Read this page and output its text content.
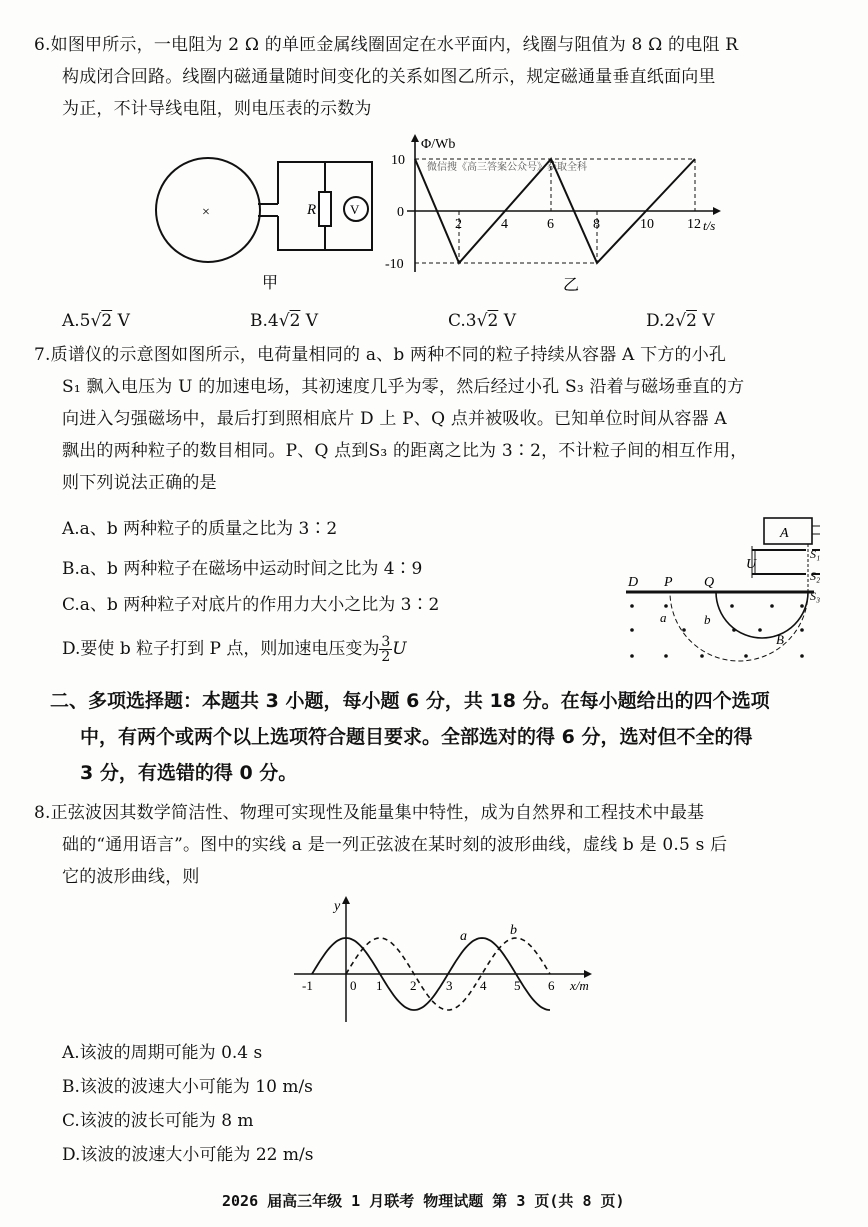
6.如图甲所示，一电阻为 2 Ω 的单匝金属线圈固定在水平面内，线圈与阻值为 8 Ω 的电阻 R
构成闭合回路。线圈内磁通量随时间变化的关系如图乙所示，规定磁通量垂直纸面向里
为正，不计导线电阻，则电压表的示数为
×	R	V
甲
Φ/Wb
t/s
微信搜《高三答案公众号》获取全科
10
0
-10
2	4	6	8	10 12
乙
A.5√2 V	B.4√2 V	C.3√2 V	D.2√2 V
7.质谱仪的示意图如图所示，电荷量相同的 a、b 两种不同的粒子持续从容器 A 下方的小孔
S₁ 飘入电压为 U 的加速电场，其初速度几乎为零，然后经过小孔 S₃ 沿着与磁场垂直的方
向进入匀强磁场中，最后打到照相底片 D 上 P、Q 点并被吸收。已知单位时间从容器 A
飘出的两种粒子的数目相同。P、Q 点到S₃ 的距离之比为 3∶2，不计粒子间的相互作用，
则下列说法正确的是
A.a、b 两种粒子的质量之比为 3∶2
B.a、b 两种粒子在磁场中运动时间之比为 4∶9
C.a、b 两种粒子对底片的作用力大小之比为 3∶2
D.要使 b 粒子打到 P 点，则加速电压变为 $\frac{3}{2}$ U
A
U
S₁
S₂
S₃
D P Q
a	b
B
二、多项选择题：本题共 3 小题，每小题 6 分，共 18 分。在每小题给出的四个选项
中，有两个或两个以上选项符合题目要求。全部选对的得 6 分，选对但不全的得
3 分，有选错的得 0 分。
8.正弦波因其数学简洁性、物理可实现性及能量集中特性，成为自然界和工程技术中最基
础的“通用语言”。图中的实线 a 是一列正弦波在某时刻的波形曲线，虚线 b 是 0.5 s 后
它的波形曲线，则
y
x/m
a	b
-1	0 1 2 3 4 5 6
A.该波的周期可能为 0.4 s
B.该波的波速大小可能为 10 m/s
C.该波的波长可能为 8 m
D.该波的波速大小可能为 22 m/s
2026 届高三年级 1 月联考 物理试题 第 3 页(共 8 页)
